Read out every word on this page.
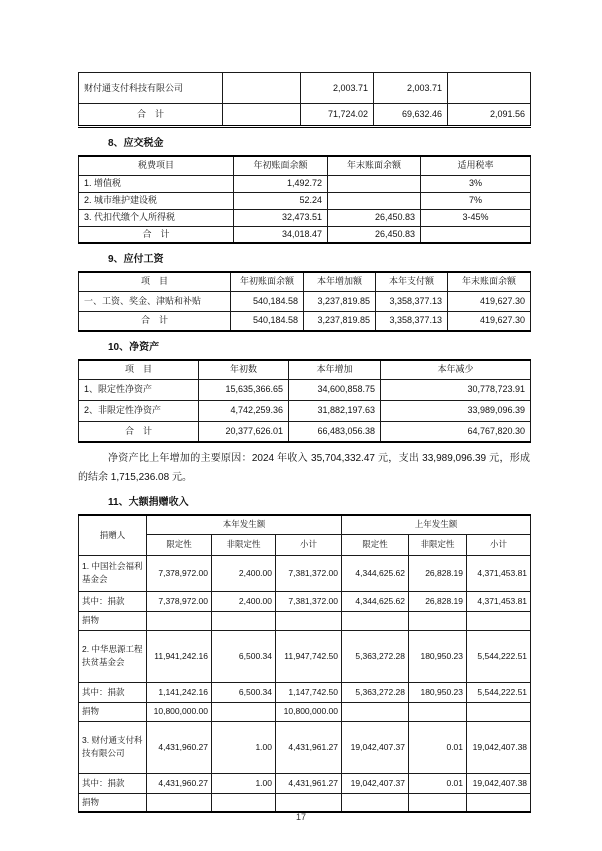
财付通支付科技有限公司		2,003.71	2,003.71	
合　计		71,724.02	69,632.46	2,091.56
8、应交税金
税费项目	年初账面余额	年末账面余额	适用税率
1. 增值税	1,492.72		3%
2. 城市维护建设税	52.24		7%
3. 代扣代缴个人所得税	32,473.51	26,450.83	3-45%
合　计	34,018.47	26,450.83	
9、应付工资
项　目	年初账面余额	本年增加额	本年支付额	年末账面余额
一、工资、奖金、津贴和补贴	540,184.58	3,237,819.85	3,358,377.13	419,627.30
合　计	540,184.58	3,237,819.85	3,358,377.13	419,627.30
10、净资产
项　目	年初数	本年增加	本年减少
1、限定性净资产	15,635,366.65	34,600,858.75	30,778,723.91
2、非限定性净资产	4,742,259.36	31,882,197.63	33,989,096.39
合　计	20,377,626.01	66,483,056.38	64,767,820.30

净资产比上年增加的主要原因：2024 年收入 35,704,332.47 元，支出 33,989,096.39 元，形成的结余 1,715,236.08 元。

11、大额捐赠收入
捐赠人	本年发生额			上年发生额		
	限定性	非限定性	小计	限定性	非限定性	小计
1. 中国社会福利基金会	7,378,972.00	2,400.00	7,381,372.00	4,344,625.62	26,828.19	4,371,453.81
其中：捐款	7,378,972.00	2,400.00	7,381,372.00	4,344,625.62	26,828.19	4,371,453.81
捐物						
2. 中华思源工程扶贫基金会	11,941,242.16	6,500.34	11,947,742.50	5,363,272.28	180,950.23	5,544,222.51
其中：捐款	1,141,242.16	6,500.34	1,147,742.50	5,363,272.28	180,950.23	5,544,222.51
捐物	10,800,000.00		10,800,000.00			
3. 财付通支付科技有限公司	4,431,960.27	1.00	4,431,961.27	19,042,407.37	0.01	19,042,407.38
其中：捐款	4,431,960.27	1.00	4,431,961.27	19,042,407.37	0.01	19,042,407.38
捐物						
17
